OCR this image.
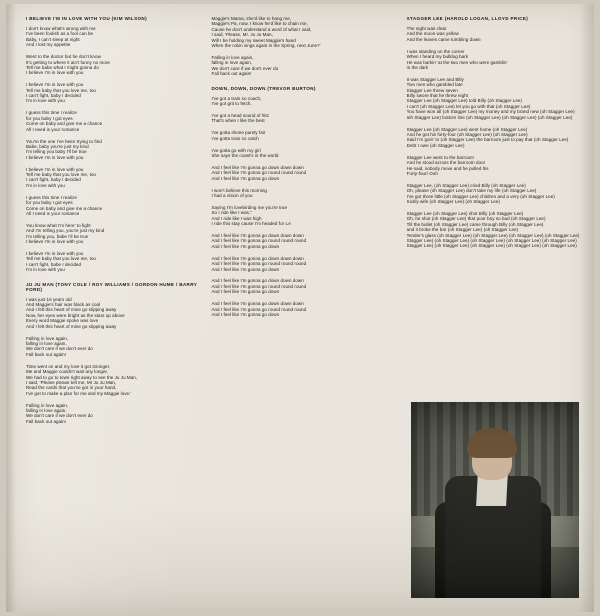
I BELIEVE I'M IN LOVE WITH YOU (KIM WILSON)
I don't know what's wrong with me
I've been foolish as a fool can be
Baby, I can't sleep at night
And I lost my appetite
Went to the doctor but he don't know
It's getting to where it ain't funny no more
Tell me babe what I might gonna do
I believe I'm in love with you
I believe I'm in love with you
Tell me baby that you love me, too
I can't fight, baby I decided
I'm in love with you
I guess this time I realize
for you baby I got eyes
Come on baby and give me a chance
All I need is your romance
You're the one I've been trying to find
Babe, baby you're just my kind
I'm telling you baby I'll be true
I believe I'm in love with you
I believe I'm in love with you
Tell me baby that you love me, too
I can't fight, baby I decided
I'm in love with you
I guess this time I realize
for you baby I got eyes
Come on baby and give me a chance
All I need is your romance
You know what I'm here' to fight
And I'm telling you, you're just my kind
I'm telling you, babe I'll be true
I believe I'm in love with you
I believe I'm in love with you
Tell me baby that you love me, too
I can't fight, babe I decided
I'm in love with you
JU JU MAN (TONY COLE / ROY WILLIAMS / GORDON HUME / BARRY FORD)
I was just 16 years old
And Maggie's hair was black as coal
And I felt this heart of mine go slipping away
Now, her eyes were bright as the stars up above
Every word Maggie spoke was love
And I felt this heart of mine go slipping away
Falling in love again,
falling in love again,
We don't care if we don't ever do
Fall back out again!
Time went on and my love it got stronger,
Me and Maggie couldn't wait any longer,
We had to go to town right away to see the Ju Ju Man,
I said, 'Please please tell me, Mr Ju Ju Man,
Read the cards that you've got in your hand,
I've got to make a plan for me and my Maggie love.'
Falling in love again,
falling in love again,
We don't care if we don't ever do
Fall back out again!
Maggie's Mama, she'd like to hang me,
Maggie's Pa, now, I know he'd like to chain me,
Cause he don't understand a word of what I said,
I said, 'Please, Mr. Ju Ju Man,
Will I be holding my sweet Maggie's hand
When the robin sings again in the Spring, next June?'
Falling in love again,
falling in love again,
We don't care if we don't ever do
Fall back out again!
DOWN, DOWN, DOWN (TREVOR BURTON)
I've got a train so coach,
I've got grit to fetch.
I've got a head sound of hitz
That's when I like the best
I've gotta shone purely fair
I've gotta train so catch
I've gotta go with my girl
She says the coast's in the world
And I feel like I'm gonna go down down down
And I feel like I'm gonna go round round round
And I feel like I'm gonna go down
I won't believe this morning
I had a vision of you
Saying I'm lovebirding me you're true
So I ride like I was,"
And I ride like I was high
I ride this stay cause I'm headed for LA
And I feel like I'm gonna go down down down
And I feel like I'm gonna go round round round
And I feel like I'm gonna go down
And I feel like I'm gonna go down down down
And I feel like I'm gonna go round round round
And I feel like I'm gonna go down
And I feel like I'm gonna go down down down
And I feel like I'm gonna go round round round
And I feel like I'm gonna go down
And I feel like I'm gonna go down down down
And I feel like I'm gonna go round round round
And I feel like I'm gonna go down
STAGGER LEE (HAROLD LOGAN, LLOYD PRICE)
The night was clear
And the moon was yellow
And the leaves came tumbling down
I was standing on the corner
When I heard my bulldog bark
He was barkin' at the two men who were gamblin'
in the dark
It was Stagger Lee and Billy
Two men who gambled late
Stagger Lee threw seven
Billy swore that he threw eight
Stagger Lee (oh Stagger Lee) told Billy (oh Stagger Lee)
I can't (oh Stagger Lee) let you go with that (oh Stagger Lee)
You have won all (oh Stagger Lee) my money and my brand new (oh Stagger Lee)
Ieh Stagger Lee) bottom line (oh Stagger Lee) (oh Stagger Lee) (oh Stagger Lee)
Stagger Lee (oh Stagger Lee) went home (oh Stagger Lee)
And he got his forty-four (oh Stagger Lee) (oh Stagger Lee)
Said I'm goin' to (oh Stagger Lee) the barroom just to pay that (oh Stagger Lee)
Debt I owe (oh Stagger Lee)
Stagger Lee went to the barroom
And he stood across the barroom door
He said, nobody move and he pulled his
Forty-four/ Ooh
Stagger Lee, (oh Stagger Lee) cried Billy (oh Stagger Lee)
Oh, please (oh Stagger Lee) don't take my life (oh Stagger Lee)
I've got three little (oh Stagger Lee) children and a very (oh Stagger Lee)
Sickly wife (oh Stagger Lee) (oh Stagger Lee)
Stagger Lee (oh Stagger Lee) shot Billy (oh Stagger Lee)
Oh, he shot (oh Stagger Lee) that poor boy so bad (oh Stagger Lee)
Till the bullet (oh Stagger Lee) came through Billy (oh Stagger Lee)
and it broke the bar (oh Stagger Lee) (oh Stagger Lee)
Tender's glass (oh Stagger Lee) (oh Stagger Lee) (oh Stagger Lee) (oh Stagger Lee)
Stagger Lee) (oh Stagger Lee) (oh Stagger Lee) (oh Stagger Lee) (oh Stagger Lee)
Stagger Lee) (oh Stagger Lee) (oh Stagger Lee) (oh Stagger Lee) (oh Stagger Lee)
